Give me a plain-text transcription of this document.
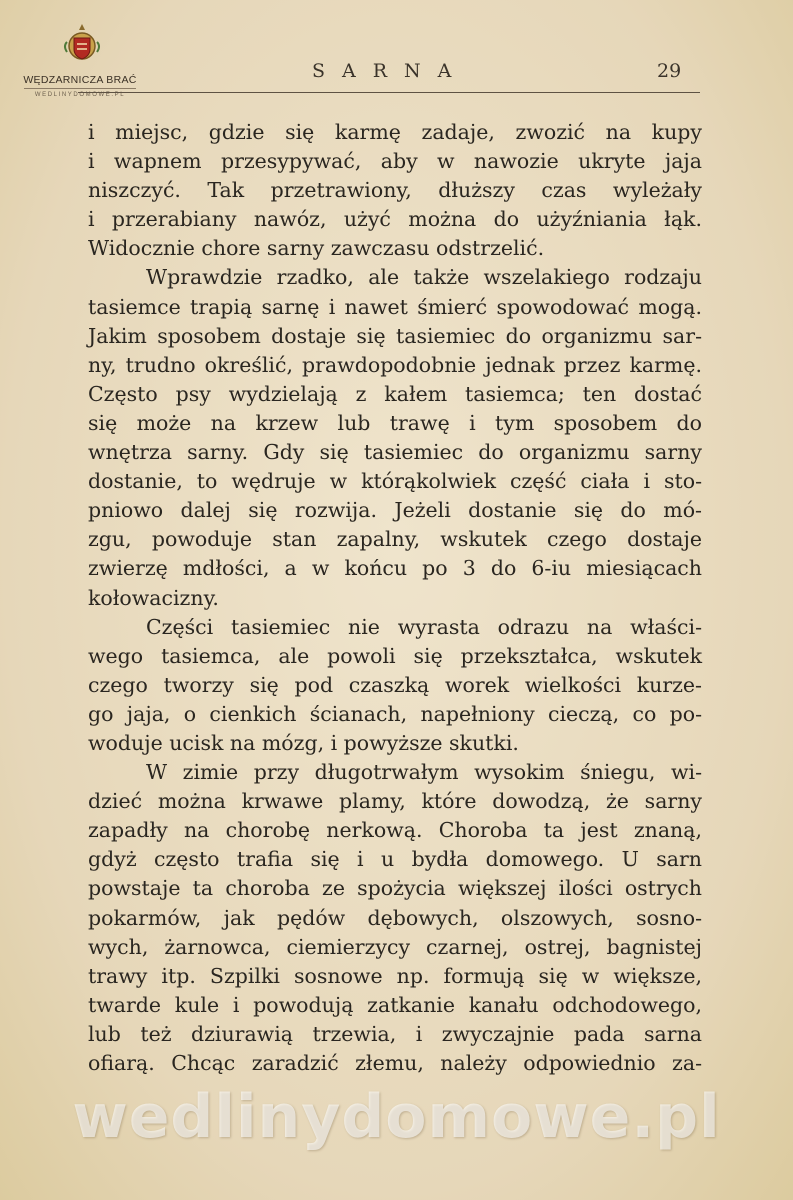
WĘDZARNICZA BRAĆ
WEDLINYDOMOWE.PL
SARNA	29
i miejsc, gdzie się karmę zadaje, zwozić na kupy
i wapnem przesypywać, aby w nawozie ukryte jaja
niszczyć. Tak przetrawiony, dłuższy czas wyleżały
i przerabiany nawóz, użyć można do użyźniania łąk.
Widocznie chore sarny zawczasu odstrzelić.
Wprawdzie rzadko, ale także wszelakiego rodzaju
tasiemce trapią sarnę i nawet śmierć spowodować mogą.
Jakim sposobem dostaje się tasiemiec do organizmu sar-
ny, trudno określić, prawdopodobnie jednak przez karmę.
Często psy wydzielają z kałem tasiemca; ten dostać
się może na krzew lub trawę i tym sposobem do
wnętrza sarny. Gdy się tasiemiec do organizmu sarny
dostanie, to wędruje w którąkolwiek część ciała i sto-
pniowo dalej się rozwija. Jeżeli dostanie się do mó-
zgu, powoduje stan zapalny, wskutek czego dostaje
zwierzę mdłości, a w końcu po 3 do 6-iu miesiącach
kołowacizny.
Części tasiemiec nie wyrasta odrazu na właści-
wego tasiemca, ale powoli się przekształca, wskutek
czego tworzy się pod czaszką worek wielkości kurze-
go jaja, o cienkich ścianach, napełniony cieczą, co po-
woduje ucisk na mózg, i powyższe skutki.
W zimie przy długotrwałym wysokim śniegu, wi-
dzieć można krwawe plamy, które dowodzą, że sarny
zapadły na chorobę nerkową. Choroba ta jest znaną,
gdyż często trafia się i u bydła domowego. U sarn
powstaje ta choroba ze spożycia większej ilości ostrych
pokarmów, jak pędów dębowych, olszowych, sosno-
wych, żarnowca, ciemierzycy czarnej, ostrej, bagnistej
trawy itp. Szpilki sosnowe np. formują się w większe,
twarde kule i powodują zatkanie kanału odchodowego,
lub też dziurawią trzewia, i zwyczajnie pada sarna
ofiarą. Chcąc zaradzić złemu, należy odpowiednio za-
wedlinydomowe.pl
